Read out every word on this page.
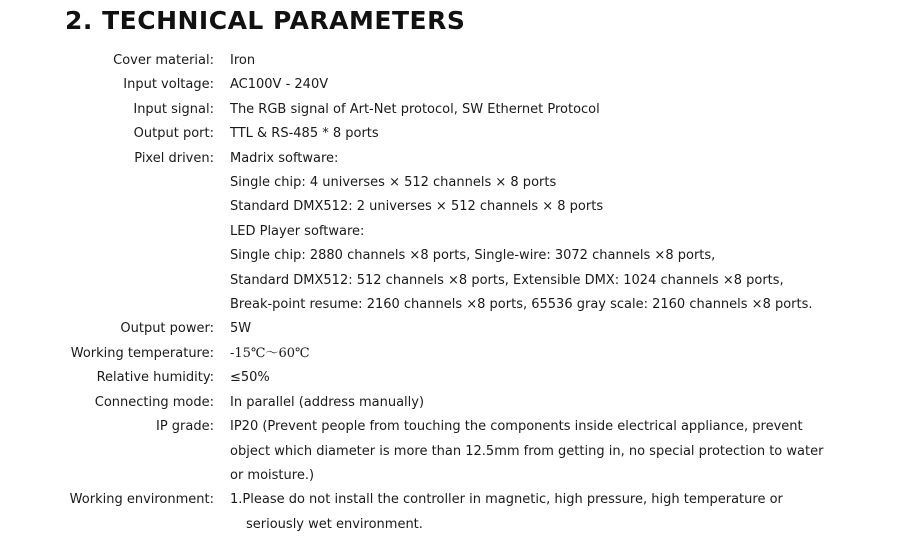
2. TECHNICAL PARAMETERS
Cover material: Iron
Input voltage: AC100V - 240V
Input signal: The RGB signal of Art-Net protocol, SW Ethernet Protocol
Output port: TTL & RS-485 * 8 ports
Pixel driven: Madrix software:
Single chip: 4 universes × 512 channels × 8 ports
Standard DMX512: 2 universes × 512 channels × 8 ports
LED Player software:
Single chip: 2880 channels ×8 ports, Single-wire: 3072 channels ×8 ports,
Standard DMX512: 512 channels ×8 ports, Extensible DMX: 1024 channels ×8 ports,
Break-point resume: 2160 channels ×8 ports, 65536 gray scale: 2160 channels ×8 ports.
Output power: 5W
Working temperature: -15℃～60℃
Relative humidity: ≤50%
Connecting mode: In parallel (address manually)
IP grade: IP20 (Prevent people from touching the components inside electrical appliance, prevent
object which diameter is more than 12.5mm from getting in, no special protection to water
or moisture.)
Working environment: 1.Please do not install the controller in magnetic, high pressure, high temperature or
seriously wet environment.
